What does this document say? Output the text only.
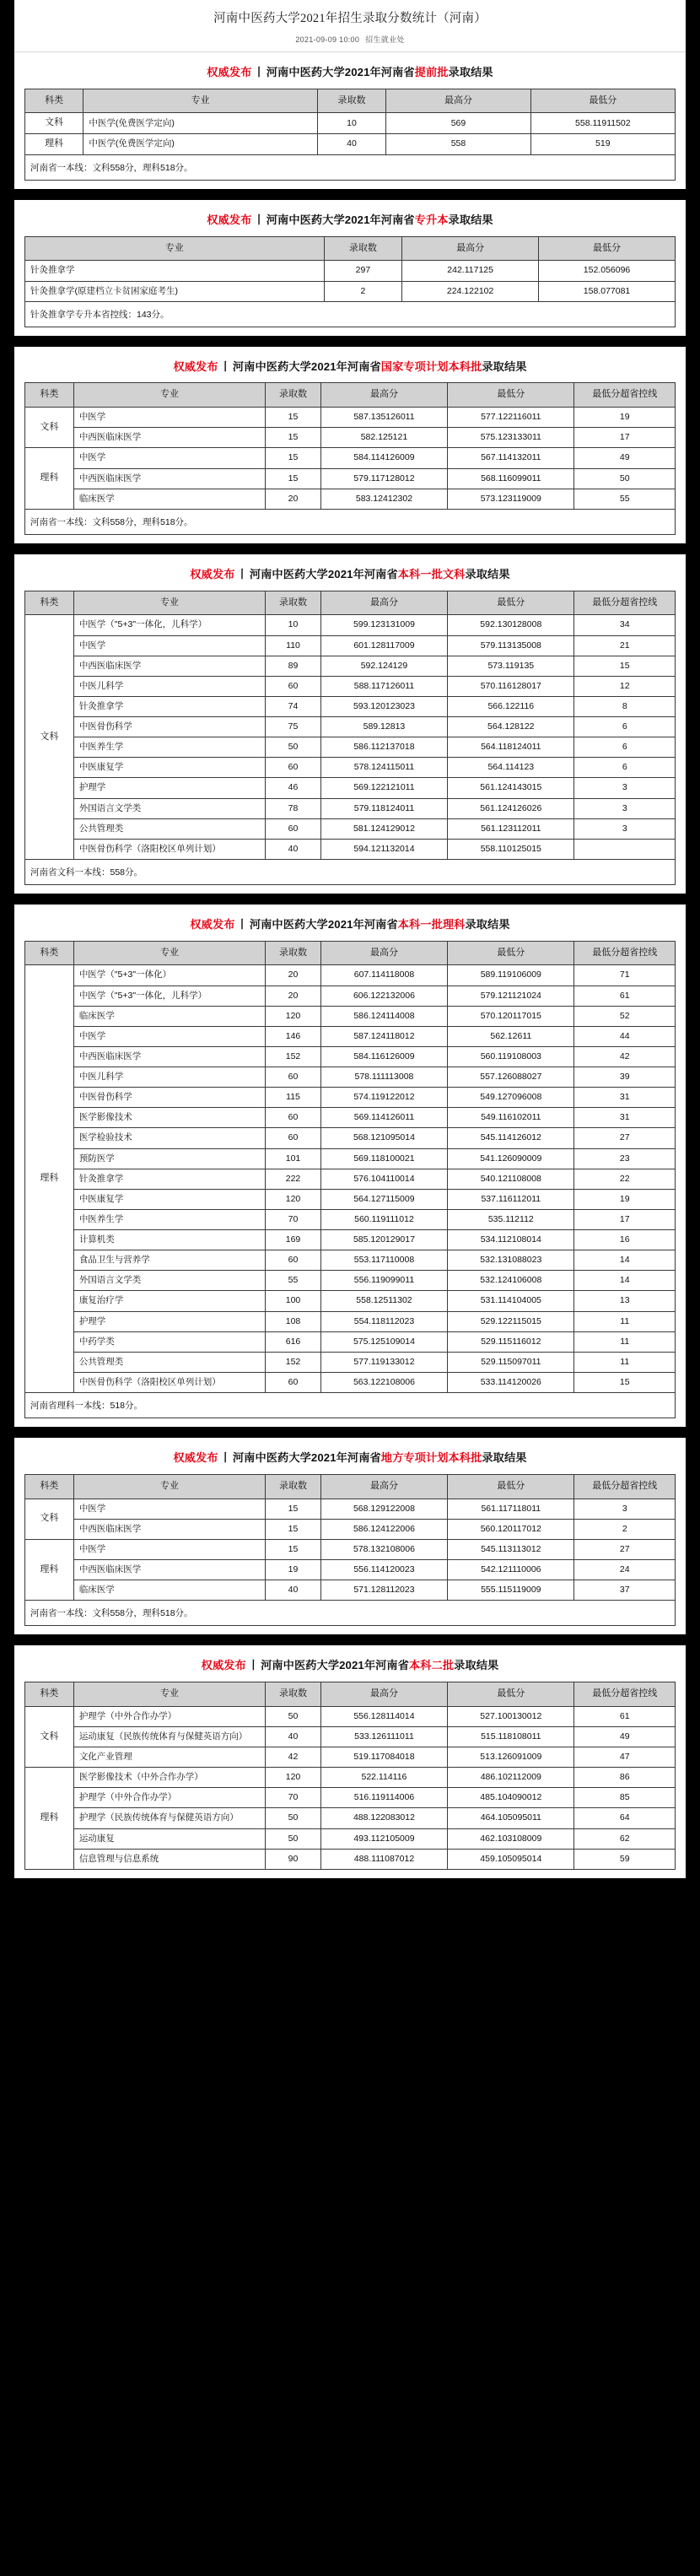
河南中医药大学2021年招生录取分数统计（河南）
2021-09-09 10:00 招生就业处
权威发布 丨 河南中医药大学2021年河南省提前批录取结果
科类	专业	录取数	最高分	最低分
文科	中医学(免费医学定向)	10	569	558.11911502
理科	中医学(免费医学定向)	40	558	519
河南省一本线：文科558分，理科518分。
权威发布 丨 河南中医药大学2021年河南省专升本录取结果
专业	录取数	最高分	最低分
针灸推拿学	297	242.117125	152.056096
针灸推拿学(原建档立卡贫困家庭考生)	2	224.122102	158.077081
针灸推拿学专升本省控线：143分。
权威发布 丨 河南中医药大学2021年河南省国家专项计划本科批录取结果
科类	专业	录取数	最高分	最低分	最低分超省控线
文科	中医学	15	587.135126011	577.122116011	19
	中西医临床医学	15	582.125121	575.123133011	17
理科	中医学	15	584.114126009	567.114132011	49
	中西医临床医学	15	579.117128012	568.116099011	50
	临床医学	20	583.12412302	573.123119009	55
河南省一本线：文科558分，理科518分。
权威发布 丨 河南中医药大学2021年河南省本科一批文科录取结果
科类	专业	录取数	最高分	最低分	最低分超省控线
文科	中医学（"5+3"一体化，儿科学）	10	599.123131009	592.130128008	34
	中医学	110	601.128117009	579.113135008	21
	中西医临床医学	89	592.124129	573.119135	15
	中医儿科学	60	588.117126011	570.116128017	12
	针灸推拿学	74	593.120123023	566.122116	8
	中医骨伤科学	75	589.12813	564.128122	6
	中医养生学	50	586.112137018	564.118124011	6
	中医康复学	60	578.124115011	564.114123	6
	护理学	46	569.122121011	561.124143015	3
	外国语言文学类	78	579.118124011	561.124126026	3
	公共管理类	60	581.124129012	561.123112011	3
	中医骨伤科学（洛阳校区单列计划）	40	594.121132014	558.110125015	
河南省文科一本线：558分。
权威发布 丨 河南中医药大学2021年河南省本科一批理科录取结果
科类	专业	录取数	最高分	最低分	最低分超省控线
理科	中医学（"5+3"一体化）	20	607.114118008	589.119106009	71
	中医学（"5+3"一体化，儿科学）	20	606.122132006	579.121121024	61
	临床医学	120	586.124114008	570.120117015	52
	中医学	146	587.124118012	562.12611	44
	中西医临床医学	152	584.116126009	560.119108003	42
	中医儿科学	60	578.111113008	557.126088027	39
	中医骨伤科学	115	574.119122012	549.127096008	31
	医学影像技术	60	569.114126011	549.116102011	31
	医学检验技术	60	568.121095014	545.114126012	27
	预防医学	101	569.118100021	541.126090009	23
	针灸推拿学	222	576.104110014	540.121108008	22
	中医康复学	120	564.127115009	537.116112011	19
	中医养生学	70	560.119111012	535.112112	17
	计算机类	169	585.120129017	534.112108014	16
	食品卫生与营养学	60	553.117110008	532.131088023	14
	外国语言文学类	55	556.119099011	532.124106008	14
	康复治疗学	100	558.12511302	531.114104005	13
	护理学	108	554.118112023	529.122115015	11
	中药学类	616	575.125109014	529.115116012	11
	公共管理类	152	577.119133012	529.115097011	11
	中医骨伤科学（洛阳校区单列计划）	60	563.122108006	533.114120026	15
河南省理科一本线：518分。
权威发布 丨 河南中医药大学2021年河南省地方专项计划本科批录取结果
科类	专业	录取数	最高分	最低分	最低分超省控线
文科	中医学	15	568.129122008	561.117118011	3
	中西医临床医学	15	586.124122006	560.120117012	2
理科	中医学	15	578.132108006	545.113113012	27
	中西医临床医学	19	556.114120023	542.121110006	24
	临床医学	40	571.128112023	555.115119009	37
河南省一本线：文科558分，理科518分。
权威发布 丨 河南中医药大学2021年河南省本科二批录取结果
科类	专业	录取数	最高分	最低分	最低分超省控线
文科	护理学（中外合作办学）	50	556.128114014	527.100130012	61
	运动康复（民族传统体育与保健英语方向）	40	533.126111011	515.118108011	49
	文化产业管理	42	519.117084018	513.126091009	47
理科	医学影像技术（中外合作办学）	120	522.114116	486.102112009	86
	护理学（中外合作办学）	70	516.119114006	485.104090012	85
	护理学（民族传统体育与保健英语方向）	50	488.122083012	464.105095011	64
	运动康复	50	493.112105009	462.103108009	62
	信息管理与信息系统	90	488.111087012	459.105095014	59
